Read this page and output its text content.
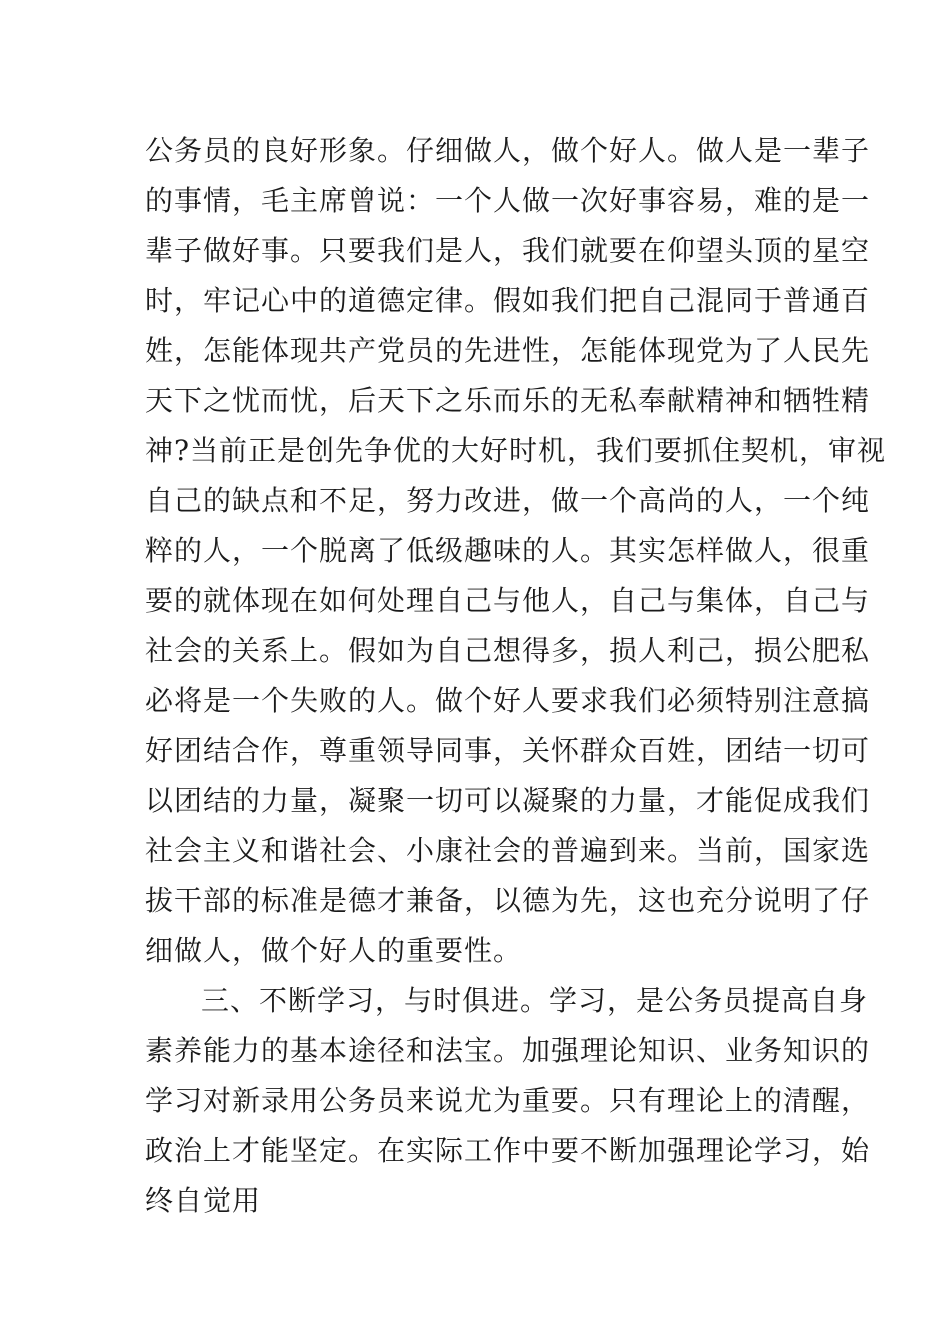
公务员的良好形象。仔细做人，做个好人。做人是一辈子
的事情，毛主席曾说：一个人做一次好事容易，难的是一
辈子做好事。只要我们是人，我们就要在仰望头顶的星空
时，牢记心中的道德定律。假如我们把自己混同于普通百
姓，怎能体现共产党员的先进性，怎能体现党为了人民先
天下之忧而忧，后天下之乐而乐的无私奉献精神和牺牲精
神?当前正是创先争优的大好时机，我们要抓住契机，审视
自己的缺点和不足，努力改进，做一个高尚的人，一个纯
粹的人，一个脱离了低级趣味的人。其实怎样做人，很重
要的就体现在如何处理自己与他人，自己与集体，自己与
社会的关系上。假如为自己想得多，损人利己，损公肥私
必将是一个失败的人。做个好人要求我们必须特别注意搞
好团结合作，尊重领导同事，关怀群众百姓，团结一切可
以团结的力量，凝聚一切可以凝聚的力量，才能促成我们
社会主义和谐社会、小康社会的普遍到来。当前，国家选
拔干部的标准是德才兼备，以德为先，这也充分说明了仔
细做人，做个好人的重要性。
三、不断学习，与时俱进。学习，是公务员提高自身
素养能力的基本途径和法宝。加强理论知识、业务知识的
学习对新录用公务员来说尤为重要。只有理论上的清醒，
政治上才能坚定。在实际工作中要不断加强理论学习，始
终自觉用
